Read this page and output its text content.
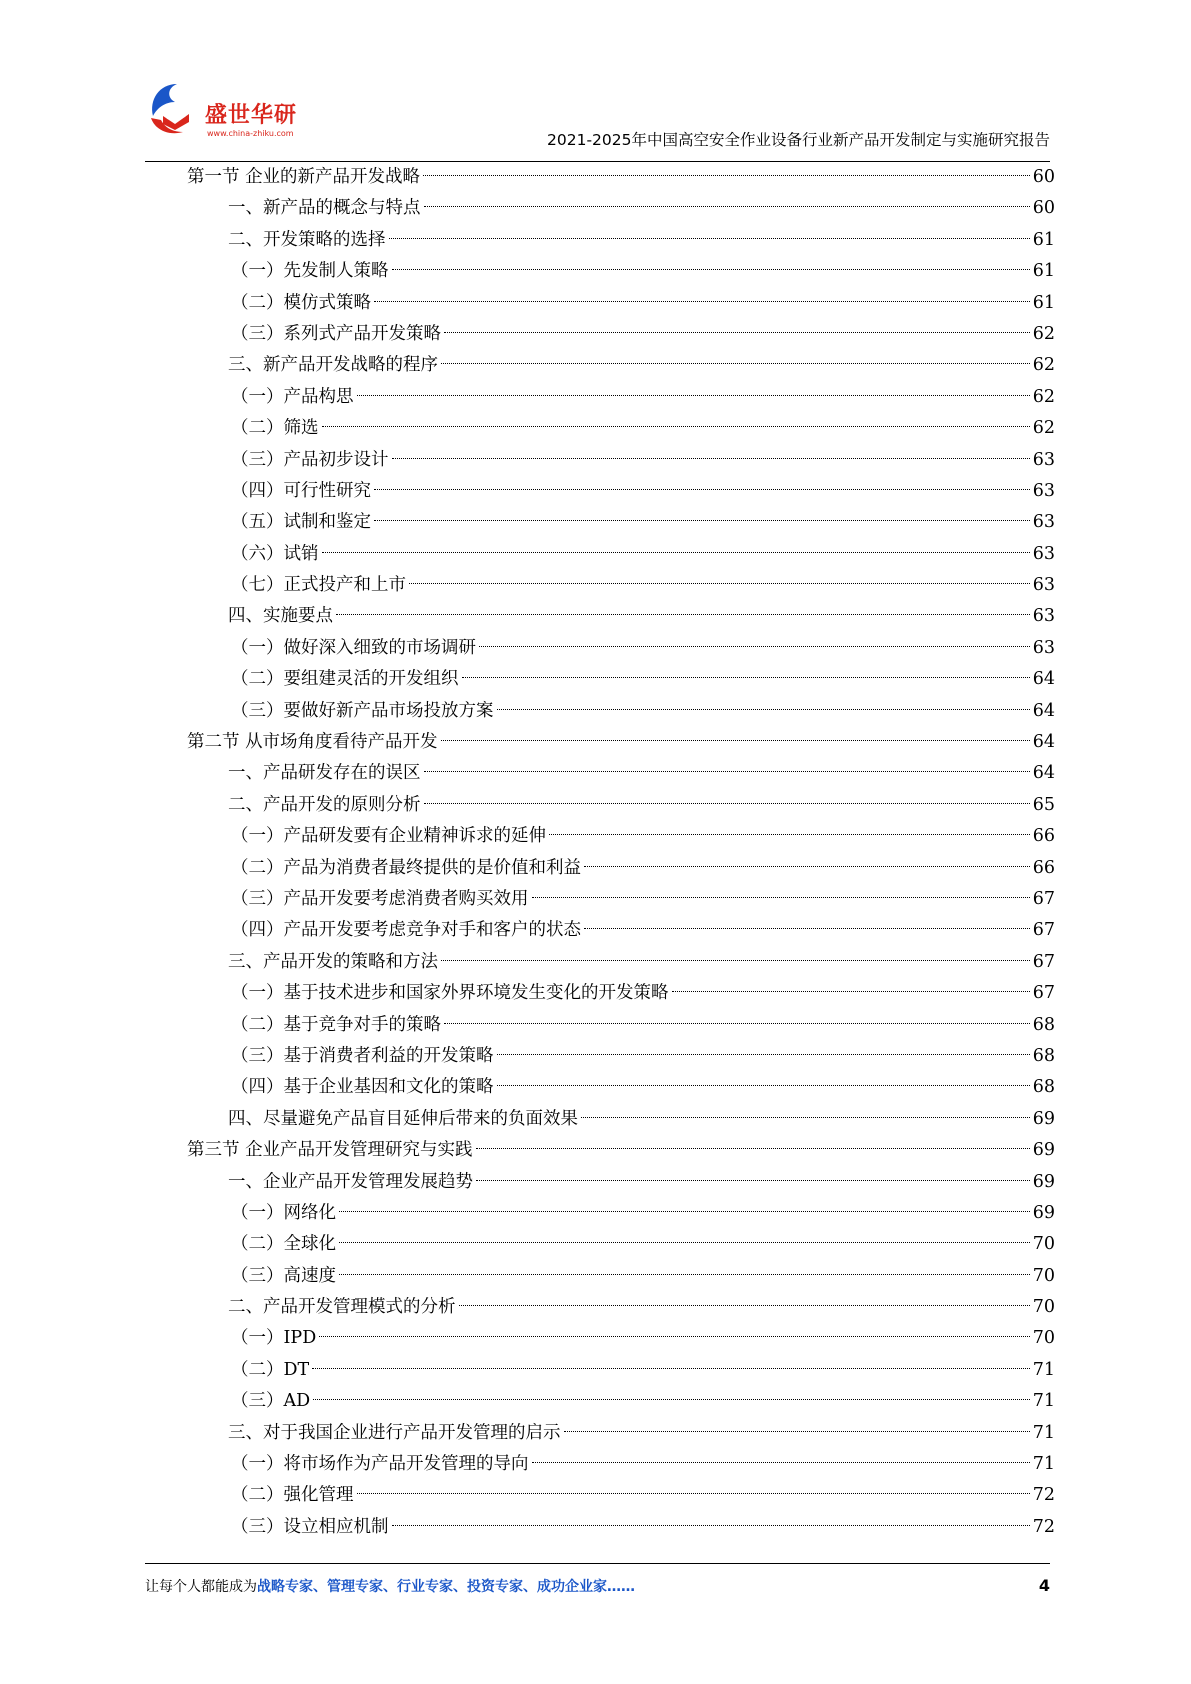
盛世华研
www.china-zhiku.com	2021-2025年中国高空安全作业设备行业新产品开发制定与实施研究报告
第一节 企业的新产品开发战略	60
一、新产品的概念与特点	60
二、开发策略的选择	61
（一）先发制人策略	61
（二）模仿式策略	61
（三）系列式产品开发策略	62
三、新产品开发战略的程序	62
（一）产品构思	62
（二）筛选	62
（三）产品初步设计	63
（四）可行性研究	63
（五）试制和鉴定	63
（六）试销	63
（七）正式投产和上市	63
四、实施要点	63
（一）做好深入细致的市场调研	63
（二）要组建灵活的开发组织	64
（三）要做好新产品市场投放方案	64
第二节 从市场角度看待产品开发	64
一、产品研发存在的误区	64
二、产品开发的原则分析	65
（一）产品研发要有企业精神诉求的延伸	66
（二）产品为消费者最终提供的是价值和利益	66
（三）产品开发要考虑消费者购买效用	67
（四）产品开发要考虑竞争对手和客户的状态	67
三、产品开发的策略和方法	67
（一）基于技术进步和国家外界环境发生变化的开发策略	67
（二）基于竞争对手的策略	68
（三）基于消费者利益的开发策略	68
（四）基于企业基因和文化的策略	68
四、尽量避免产品盲目延伸后带来的负面效果	69
第三节 企业产品开发管理研究与实践	69
一、企业产品开发管理发展趋势	69
（一）网络化	69
（二）全球化	70
（三）高速度	70
二、产品开发管理模式的分析	70
（一）IPD	70
（二）DT	71
（三）AD	71
三、对于我国企业进行产品开发管理的启示	71
（一）将市场作为产品开发管理的导向	71
（二）强化管理	72
（三）设立相应机制	72
让每个人都能成为战略专家、管理专家、行业专家、投资专家、成功企业家……	4
